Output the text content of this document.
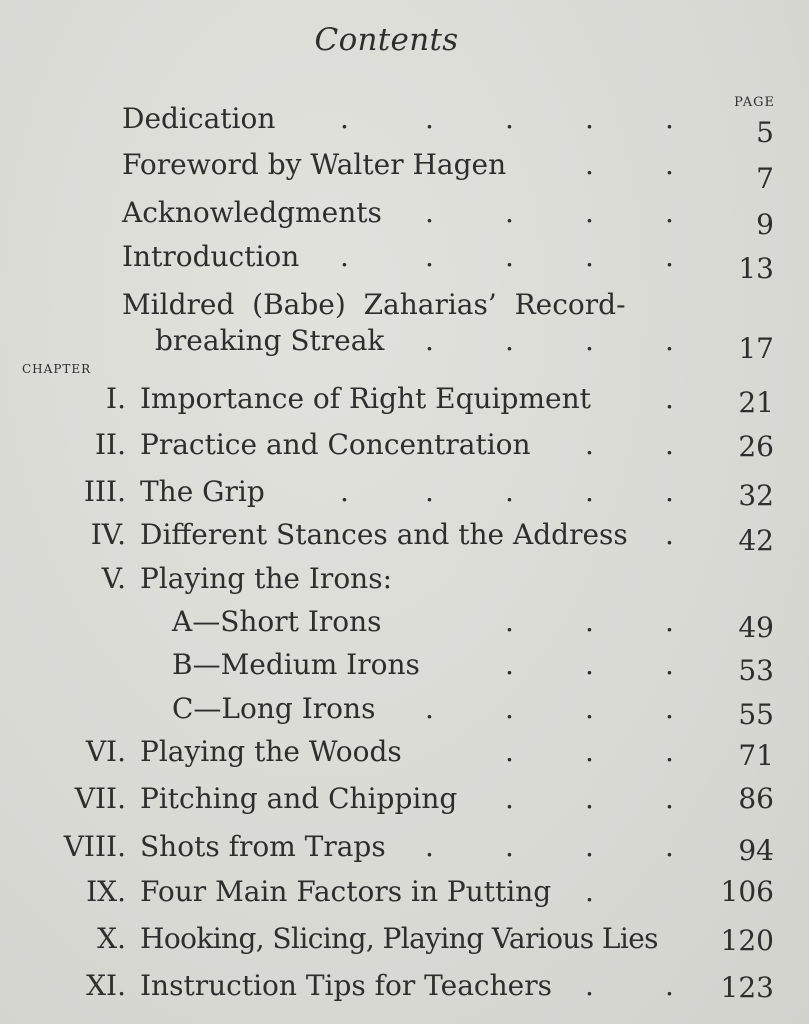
Contents
PAGE
Dedication .	.	.	.	.	5
Foreword by Walter Hagen	.	.	7
Acknowledgments .	.	.	.	9
Introduction .	.	.	.	. 13
Mildred  (Babe)  Zaharias’  Record-
breaking Streak .	.	.	. 17
CHAPTER
I. Importance of Right Equipment	. 21
II. Practice and Concentration .	. 26
III. The Grip	.	.	.	.	. 32
IV. Different Stances and the Address . 42
V. Playing the Irons:
A—Short Irons	.	.	. 49
B—Medium Irons	.	.	. 53
C—Long Irons .	.	.	. 55
VI. Playing the Woods	.	.	. 71
VII. Pitching and Chipping .	.	. 86
VIII. Shots from Traps .	.	.	. 94
IX. Four Main Factors in Putting .	106
X. Hooking, Slicing, Playing Various Lies 120
XI. Instruction Tips for Teachers .	. 123
